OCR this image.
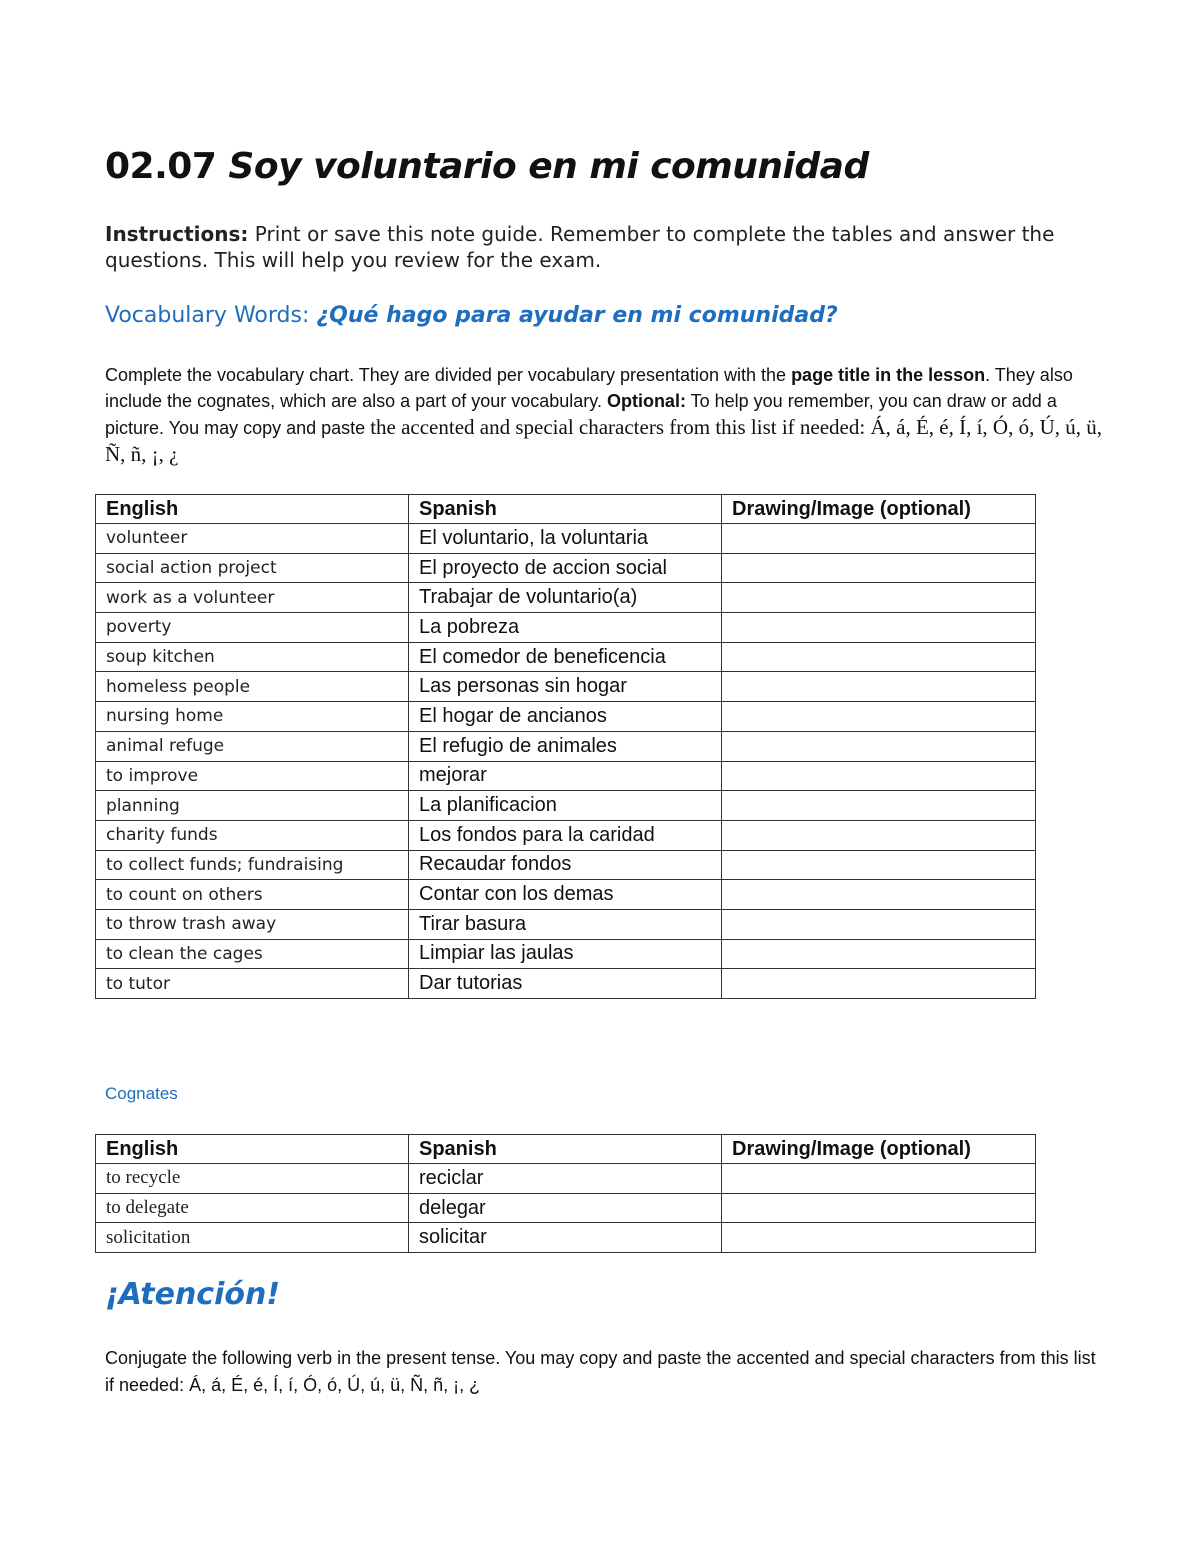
02.07 Soy voluntario en mi comunidad
Instructions: Print or save this note guide. Remember to complete the tables and answer the questions. This will help you review for the exam.
Vocabulary Words: ¿Qué hago para ayudar en mi comunidad?
Complete the vocabulary chart. They are divided per vocabulary presentation with the page title in the lesson. They also include the cognates, which are also a part of your vocabulary. Optional: To help you remember, you can draw or add a picture. You may copy and paste the accented and special characters from this list if needed: Á, á, É, é, Í, í, Ó, ó, Ú, ú, ü, Ñ, ñ, ¡, ¿
English	Spanish	Drawing/Image (optional)
volunteer	El voluntario, la voluntaria	
social action project	El proyecto de accion social	
work as a volunteer	Trabajar de voluntario(a)	
poverty	La pobreza	
soup kitchen	El comedor de beneficencia	
homeless people	Las personas sin hogar	
nursing home	El hogar de ancianos	
animal refuge	El refugio de animales	
to improve	mejorar	
planning	La planificacion	
charity funds	Los fondos para la caridad	
to collect funds; fundraising	Recaudar fondos	
to count on others	Contar con los demas	
to throw trash away	Tirar basura	
to clean the cages	Limpiar las jaulas	
to tutor	Dar tutorias	
Cognates
English	Spanish	Drawing/Image (optional)
to recycle	reciclar	
to delegate	delegar	
solicitation	solicitar	
¡Atención!
Conjugate the following verb in the present tense. You may copy and paste the accented and special characters from this list if needed: Á, á, É, é, Í, í, Ó, ó, Ú, ú, ü, Ñ, ñ, ¡, ¿
